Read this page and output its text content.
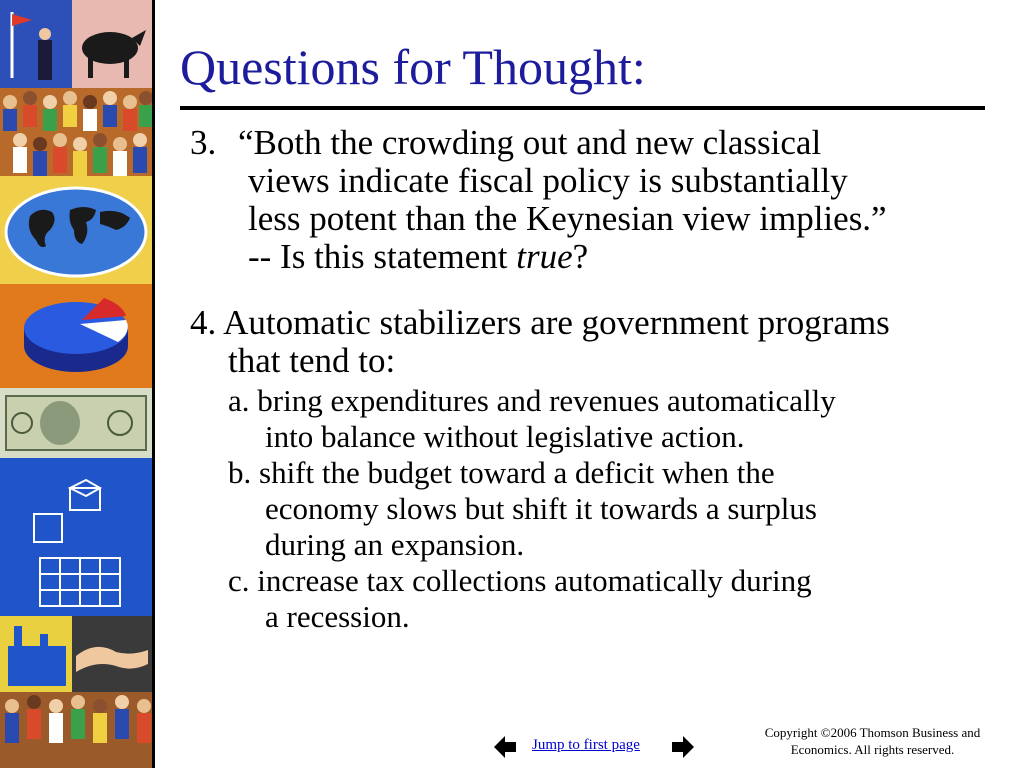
Questions for Thought:
3. “Both the crowding out and new classical
views indicate fiscal policy is substantially
less potent than the Keynesian view implies.”
-- Is this statement true?
4. Automatic stabilizers are government programs
that tend to:
a. bring expenditures and revenues automatically
into balance without legislative action.
b. shift the budget toward a deficit when the
economy slows but shift it towards a surplus
during an expansion.
c. increase tax collections automatically during
a recession.
Jump to first page
Copyright ©2006 Thomson Business and
Economics. All rights reserved.
